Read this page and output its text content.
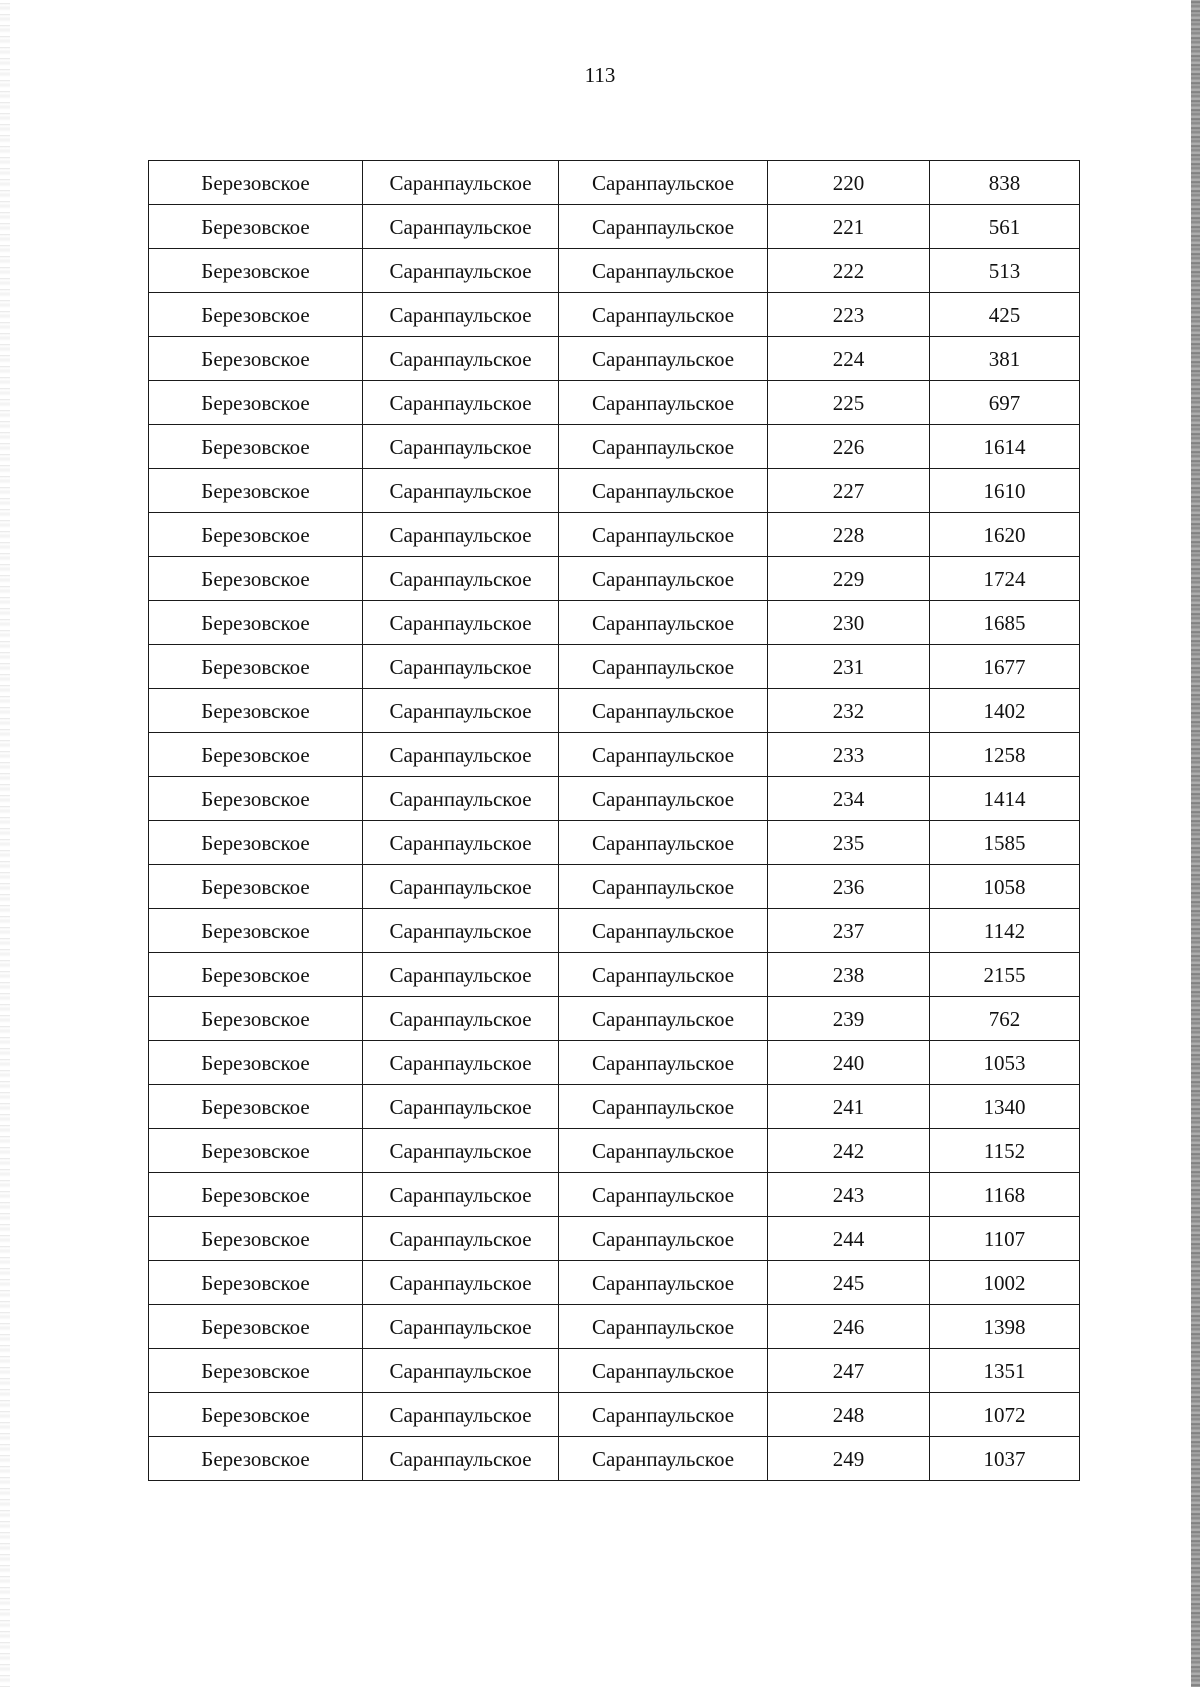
113
Березовское	Саранпаульское	Саранпаульское	220	838
Березовское	Саранпаульское	Саранпаульское	221	561
Березовское	Саранпаульское	Саранпаульское	222	513
Березовское	Саранпаульское	Саранпаульское	223	425
Березовское	Саранпаульское	Саранпаульское	224	381
Березовское	Саранпаульское	Саранпаульское	225	697
Березовское	Саранпаульское	Саранпаульское	226	1614
Березовское	Саранпаульское	Саранпаульское	227	1610
Березовское	Саранпаульское	Саранпаульское	228	1620
Березовское	Саранпаульское	Саранпаульское	229	1724
Березовское	Саранпаульское	Саранпаульское	230	1685
Березовское	Саранпаульское	Саранпаульское	231	1677
Березовское	Саранпаульское	Саранпаульское	232	1402
Березовское	Саранпаульское	Саранпаульское	233	1258
Березовское	Саранпаульское	Саранпаульское	234	1414
Березовское	Саранпаульское	Саранпаульское	235	1585
Березовское	Саранпаульское	Саранпаульское	236	1058
Березовское	Саранпаульское	Саранпаульское	237	1142
Березовское	Саранпаульское	Саранпаульское	238	2155
Березовское	Саранпаульское	Саранпаульское	239	762
Березовское	Саранпаульское	Саранпаульское	240	1053
Березовское	Саранпаульское	Саранпаульское	241	1340
Березовское	Саранпаульское	Саранпаульское	242	1152
Березовское	Саранпаульское	Саранпаульское	243	1168
Березовское	Саранпаульское	Саранпаульское	244	1107
Березовское	Саранпаульское	Саранпаульское	245	1002
Березовское	Саранпаульское	Саранпаульское	246	1398
Березовское	Саранпаульское	Саранпаульское	247	1351
Березовское	Саранпаульское	Саранпаульское	248	1072
Березовское	Саранпаульское	Саранпаульское	249	1037
